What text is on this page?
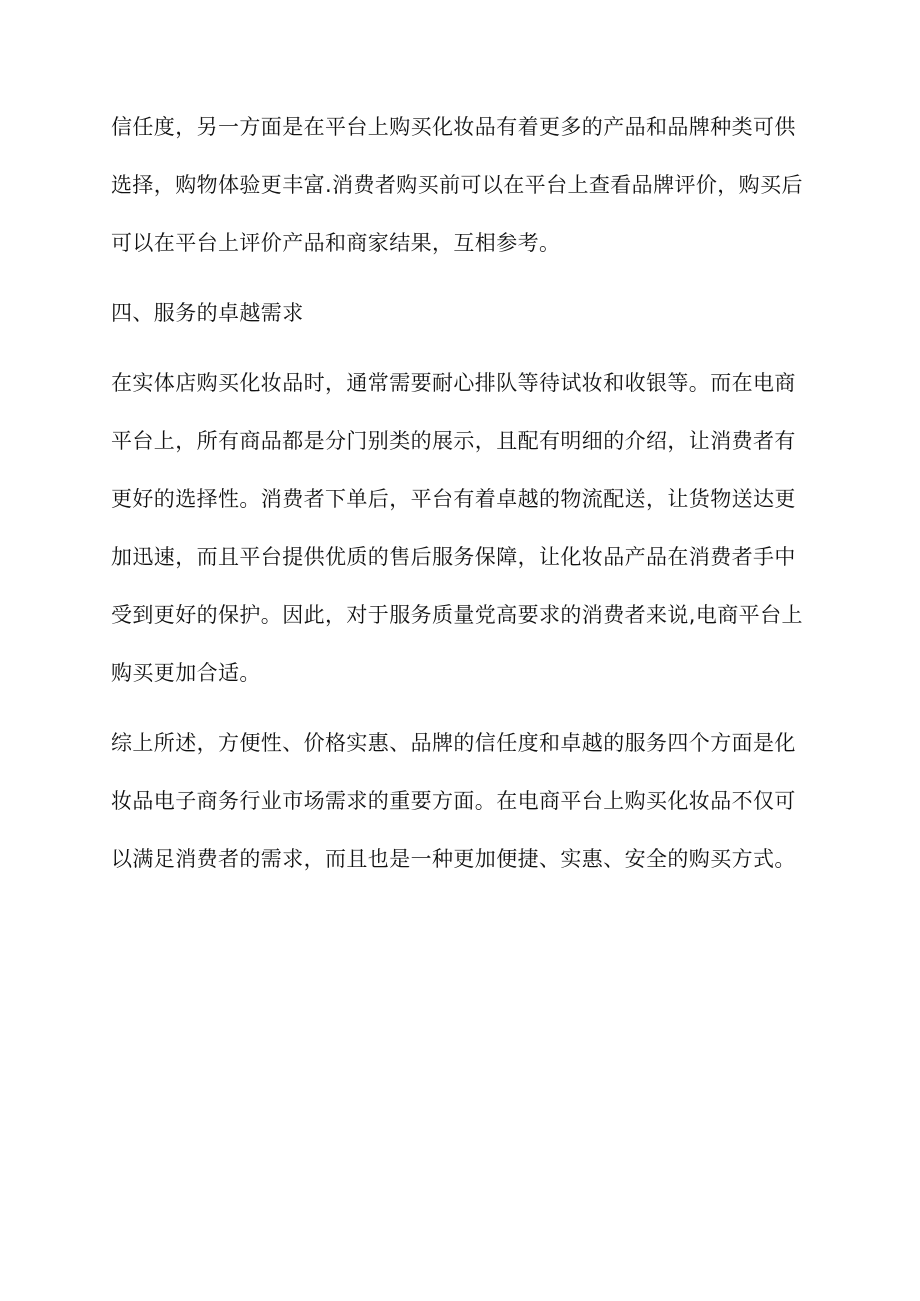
信任度，另一方面是在平台上购买化妆品有着更多的产品和品牌种类可供选择，购物体验更丰富.消费者购买前可以在平台上查看品牌评价，购买后可以在平台上评价产品和商家结果，互相参考。

四、服务的卓越需求

在实体店购买化妆品时，通常需要耐心排队等待试妆和收银等。而在电商平台上，所有商品都是分门别类的展示，且配有明细的介绍，让消费者有更好的选择性。消费者下单后，平台有着卓越的物流配送，让货物送达更加迅速，而且平台提供优质的售后服务保障，让化妆品产品在消费者手中受到更好的保护。因此，对于服务质量党高要求的消费者来说,电商平台上购买更加合适。

综上所述，方便性、价格实惠、品牌的信任度和卓越的服务四个方面是化妆品电子商务行业市场需求的重要方面。在电商平台上购买化妆品不仅可以满足消费者的需求，而且也是一种更加便捷、实惠、安全的购买方式。
